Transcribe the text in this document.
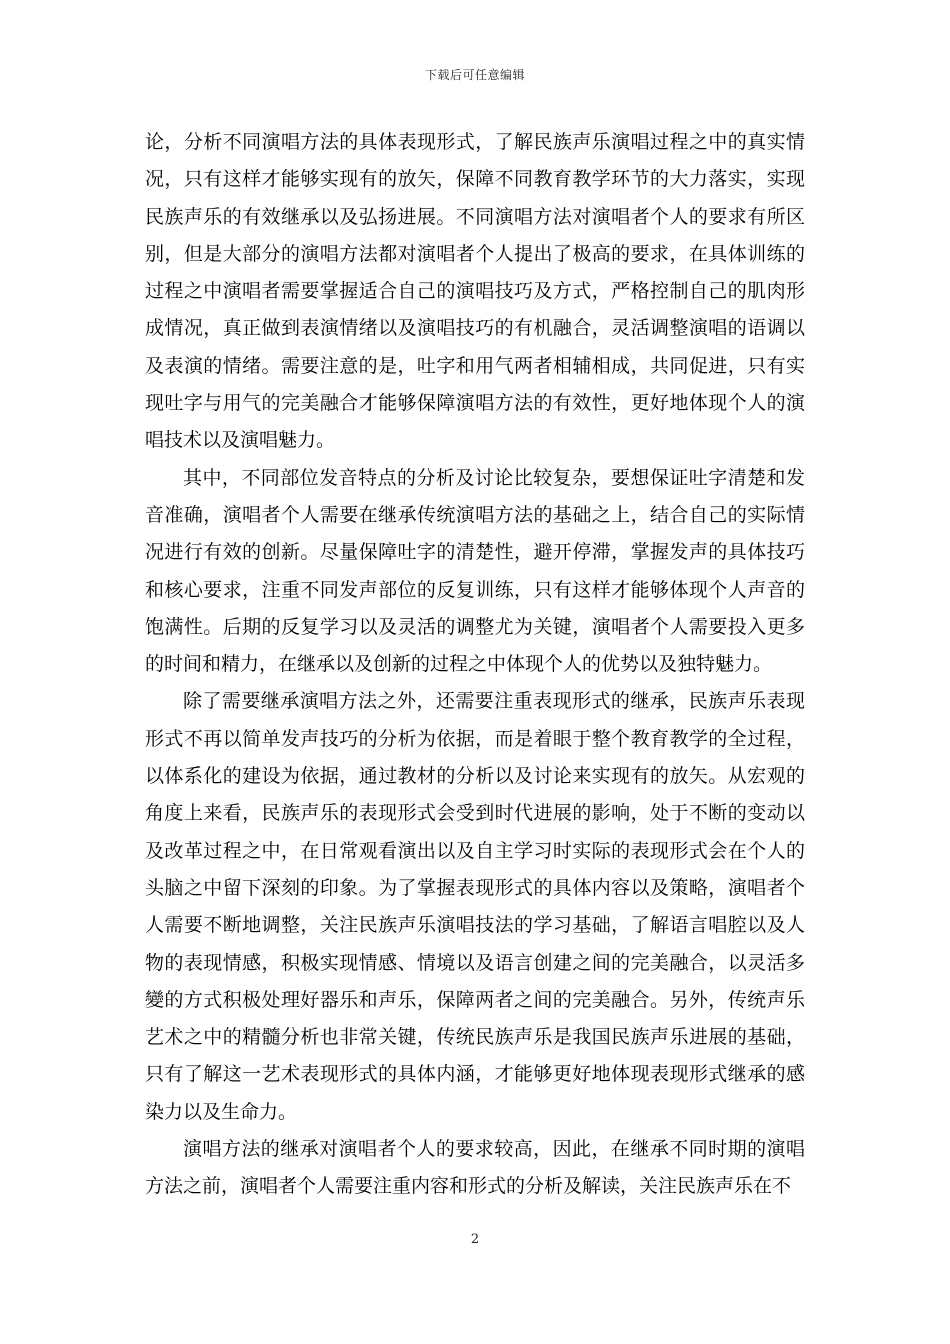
下载后可任意编辑

论，分析不同演唱方法的具体表现形式，了解民族声乐演唱过程之中的真实情况，只有这样才能够实现有的放矢，保障不同教育教学环节的大力落实，实现民族声乐的有效继承以及弘扬进展。不同演唱方法对演唱者个人的要求有所区别，但是大部分的演唱方法都对演唱者个人提出了极高的要求，在具体训练的过程之中演唱者需要掌握适合自己的演唱技巧及方式，严格控制自己的肌肉形成情况，真正做到表演情绪以及演唱技巧的有机融合，灵活调整演唱的语调以及表演的情绪。需要注意的是，吐字和用气两者相辅相成，共同促进，只有实现吐字与用气的完美融合才能够保障演唱方法的有效性，更好地体现个人的演唱技术以及演唱魅力。

其中，不同部位发音特点的分析及讨论比较复杂，要想保证吐字清楚和发音准确，演唱者个人需要在继承传统演唱方法的基础之上，结合自己的实际情况进行有效的创新。尽量保障吐字的清楚性，避开停滞，掌握发声的具体技巧和核心要求，注重不同发声部位的反复训练，只有这样才能够体现个人声音的饱满性。后期的反复学习以及灵活的调整尤为关键，演唱者个人需要投入更多的时间和精力，在继承以及创新的过程之中体现个人的优势以及独特魅力。

除了需要继承演唱方法之外，还需要注重表现形式的继承，民族声乐表现形式不再以简单发声技巧的分析为依据，而是着眼于整个教育教学的全过程，以体系化的建设为依据，通过教材的分析以及讨论来实现有的放矢。从宏观的角度上来看，民族声乐的表现形式会受到时代进展的影响，处于不断的变动以及改革过程之中，在日常观看演出以及自主学习时实际的表现形式会在个人的头脑之中留下深刻的印象。为了掌握表现形式的具体内容以及策略，演唱者个人需要不断地调整，关注民族声乐演唱技法的学习基础，了解语言唱腔以及人物的表现情感，积极实现情感、情境以及语言创建之间的完美融合，以灵活多變的方式积极处理好器乐和声乐，保障两者之间的完美融合。另外，传统声乐艺术之中的精髓分析也非常关键，传统民族声乐是我国民族声乐进展的基础，只有了解这一艺术表现形式的具体内涵，才能够更好地体现表现形式继承的感染力以及生命力。

演唱方法的继承对演唱者个人的要求较高，因此，在继承不同时期的演唱方法之前，演唱者个人需要注重内容和形式的分析及解读，关注民族声乐在不

2
